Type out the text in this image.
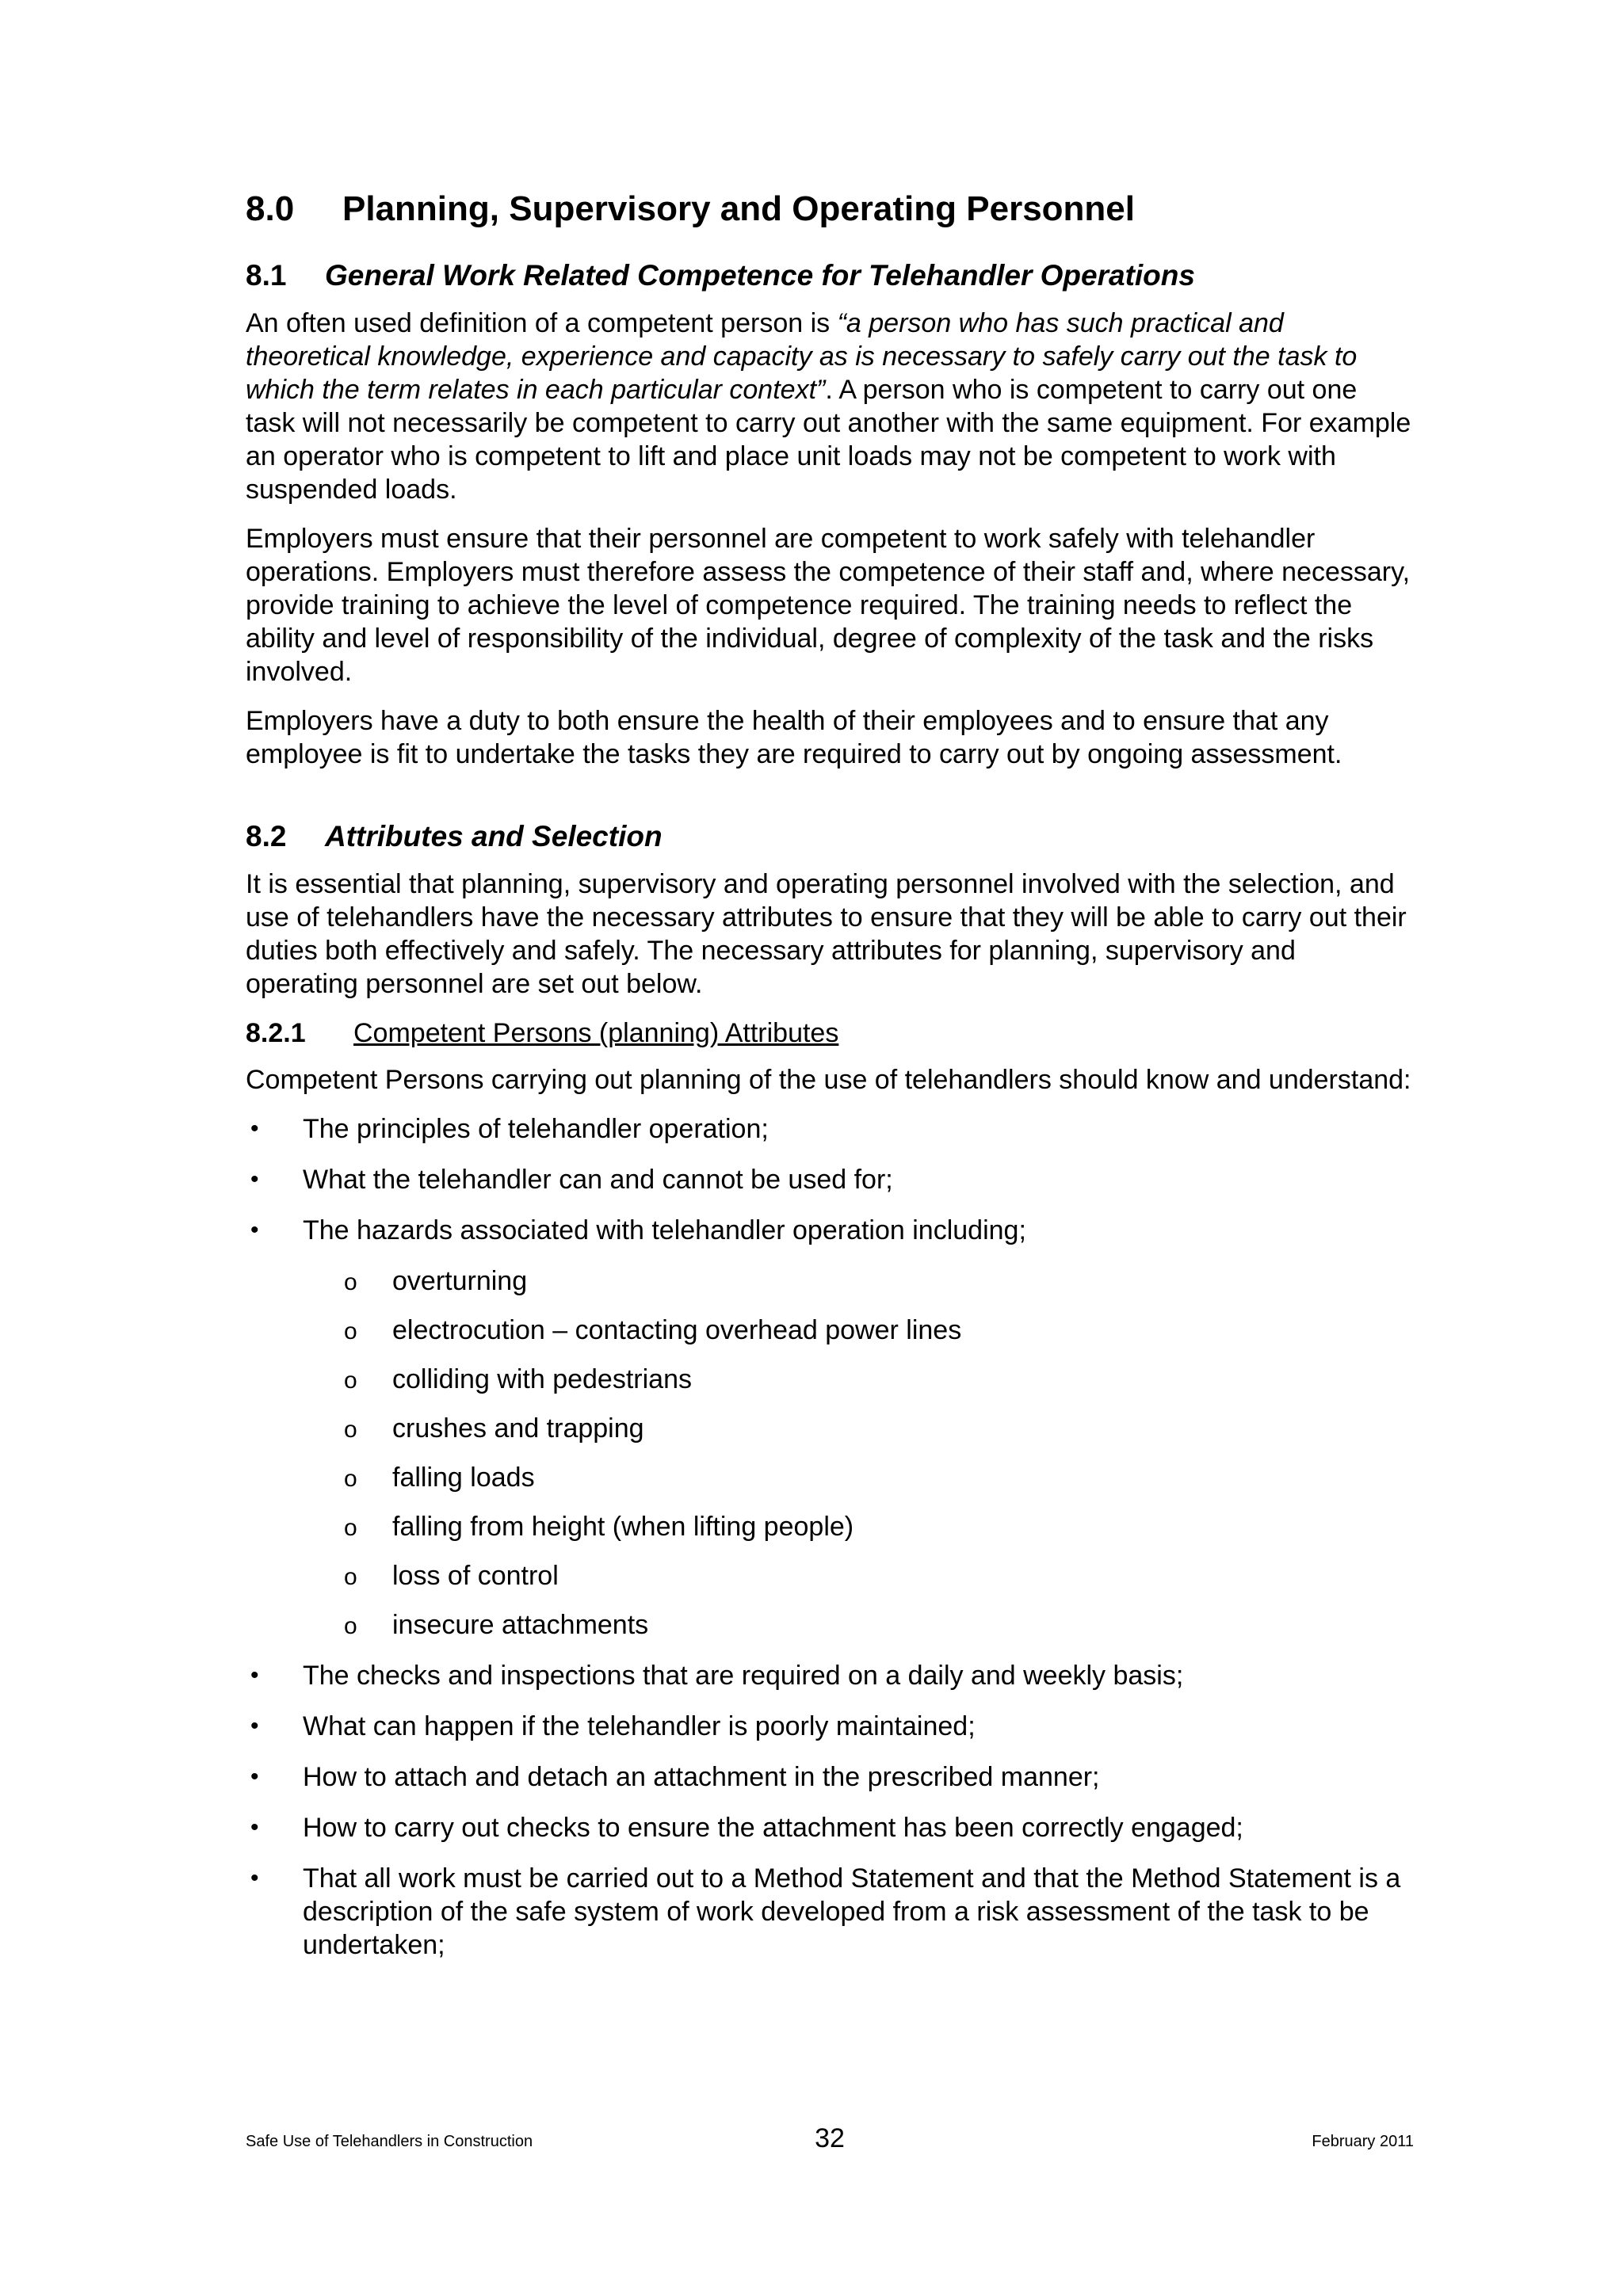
8.0 Planning, Supervisory and Operating Personnel
8.1 General Work Related Competence for Telehandler Operations

An often used definition of a competent person is “a person who has such practical and theoretical knowledge, experience and capacity as is necessary to safely carry out the task to which the term relates in each particular context”. A person who is competent to carry out one task will not necessarily be competent to carry out another with the same equipment. For example an operator who is competent to lift and place unit loads may not be competent to work with suspended loads.

Employers must ensure that their personnel are competent to work safely with telehandler operations. Employers must therefore assess the competence of their staff and, where necessary, provide training to achieve the level of competence required. The training needs to reflect the ability and level of responsibility of the individual, degree of complexity of the task and the risks involved.

Employers have a duty to both ensure the health of their employees and to ensure that any employee is fit to undertake the tasks they are required to carry out by ongoing assessment.

8.2 Attributes and Selection

It is essential that planning, supervisory and operating personnel involved with the selection, and use of telehandlers have the necessary attributes to ensure that they will be able to carry out their duties both effectively and safely. The necessary attributes for planning, supervisory and operating personnel are set out below.

8.2.1 Competent Persons (planning) Attributes

Competent Persons carrying out planning of the use of telehandlers should know and understand:

• The principles of telehandler operation;
• What the telehandler can and cannot be used for;
• The hazards associated with telehandler operation including;
o overturning
o electrocution – contacting overhead power lines
o colliding with pedestrians
o crushes and trapping
o falling loads
o falling from height (when lifting people)
o loss of control
o insecure attachments
• The checks and inspections that are required on a daily and weekly basis;
• What can happen if the telehandler is poorly maintained;
• How to attach and detach an attachment in the prescribed manner;
• How to carry out checks to ensure the attachment has been correctly engaged;
• That all work must be carried out to a Method Statement and that the Method Statement is a description of the safe system of work developed from a risk assessment of the task to be undertaken;
Safe Use of Telehandlers in Construction	32	February 2011
